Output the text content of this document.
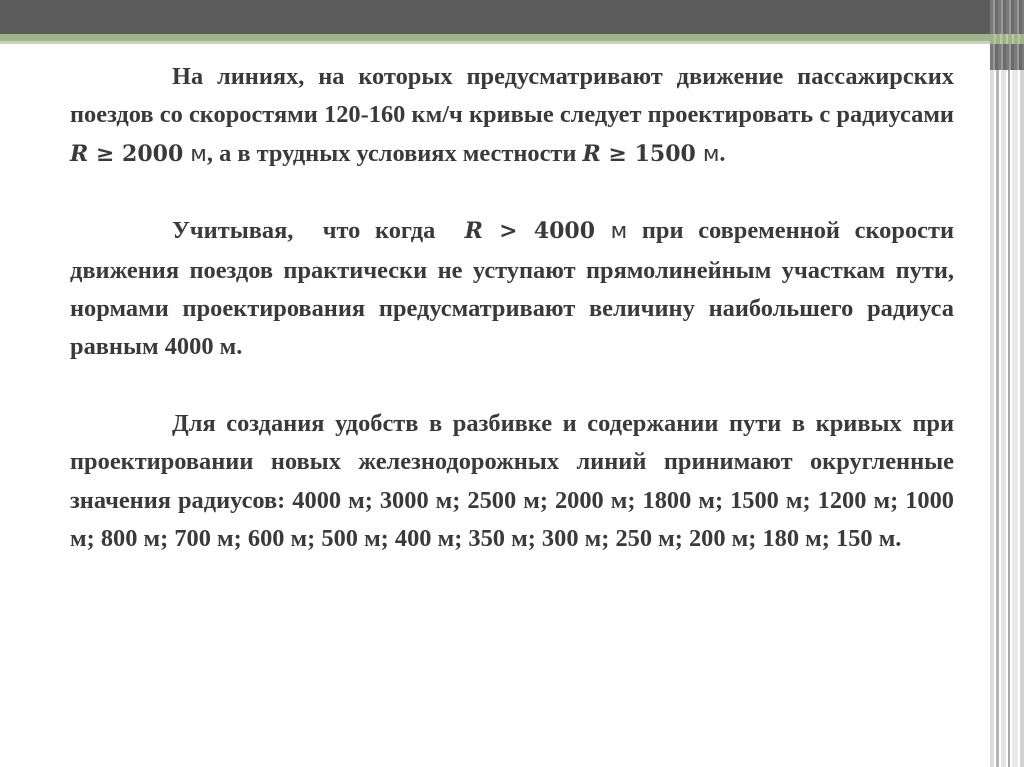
На линиях, на которых предусматривают движение пассажирских поездов со скоростями 120-160 км/ч кривые следует проектировать с радиусами R ≥ 2000 м, а в трудных условиях местности R ≥ 1500 м.

Учитывая,  что когда  R > 4000 м при современной скорости движения поездов практически не уступают прямолинейным участкам пути, нормами проектирования предусматривают величину наибольшего радиуса равным 4000 м.

Для создания удобств в разбивке и содержании пути в кривых при проектировании новых железнодорожных линий принимают округленные значения радиусов: 4000 м; 3000 м; 2500 м; 2000 м; 1800 м; 1500 м; 1200 м; 1000 м; 800 м; 700 м; 600 м; 500 м; 400 м; 350 м; 300 м; 250 м; 200 м; 180 м; 150 м.
